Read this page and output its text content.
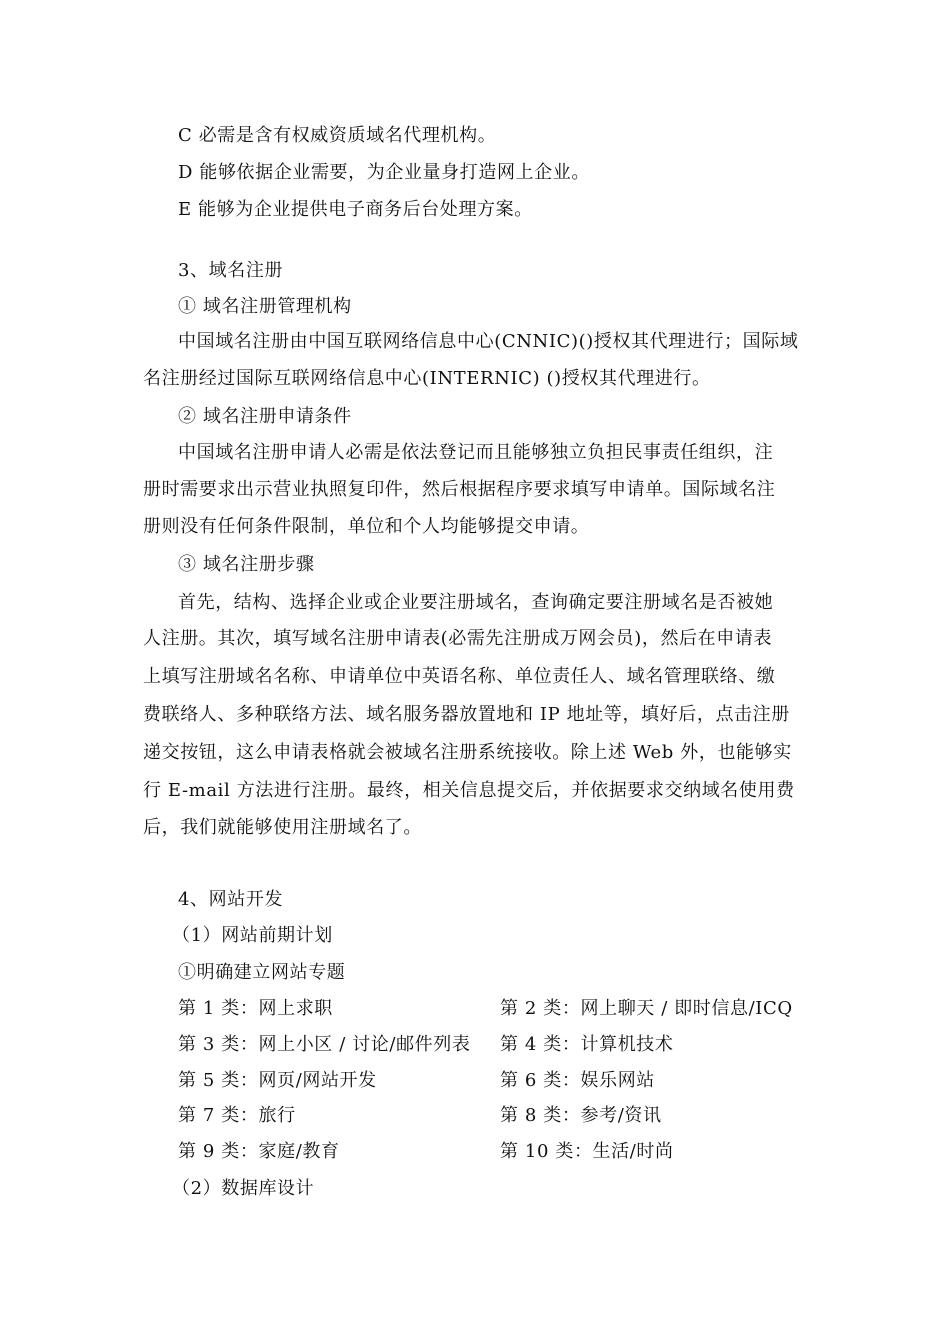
C 必需是含有权威资质域名代理机构。
D 能够依据企业需要，为企业量身打造网上企业。
E 能够为企业提供电子商务后台处理方案。
3、域名注册
① 域名注册管理机构
中国域名注册由中国互联网络信息中心(CNNIC)()授权其代理进行；国际域
名注册经过国际互联网络信息中心(INTERNIC) ()授权其代理进行。
② 域名注册申请条件
中国域名注册申请人必需是依法登记而且能够独立负担民事责任组织，注
册时需要求出示营业执照复印件，然后根据程序要求填写申请单。国际域名注
册则没有任何条件限制，单位和个人均能够提交申请。
③ 域名注册步骤
首先，结构、选择企业或企业要注册域名，查询确定要注册域名是否被她
人注册。其次，填写域名注册申请表(必需先注册成万网会员)，然后在申请表
上填写注册域名名称、申请单位中英语名称、单位责任人、域名管理联络、缴
费联络人、多种联络方法、域名服务器放置地和 IP 地址等，填好后，点击注册
递交按钮，这么申请表格就会被域名注册系统接收。除上述 Web 外，也能够实
行 E-mail 方法进行注册。最终，相关信息提交后，并依据要求交纳域名使用费
后，我们就能够使用注册域名了。
4、网站开发
（1）网站前期计划
①明确建立网站专题
第 1 类：网上求职	第 2 类：网上聊天 / 即时信息/ICQ
第 3 类：网上小区 / 讨论/邮件列表 第 4 类：计算机技术
第 5 类：网页/网站开发	第 6 类：娱乐网站
第 7 类：旅行	第 8 类：参考/资讯
第 9 类：家庭/教育	第 10 类：生活/时尚
（2）数据库设计
